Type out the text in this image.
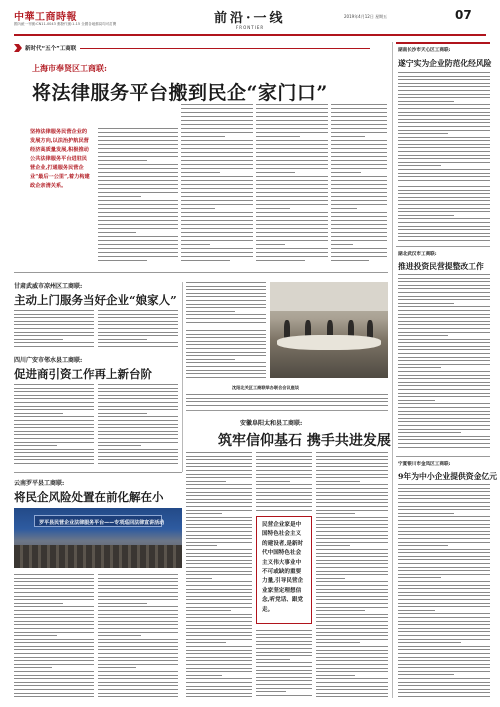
中華工商時報
國內統一刊號:CN11-0043 郵發代號:1-15 全國各地郵局均可訂閱	前沿·一线
FRONTIER
2019年4月12日 星期五	07
新时代“五个”工商联
上海市奉贤区工商联:
将法律服务平台搬到民企“家门口”
坚持法律服务民营企业的发展方向,以法治护航民营经济高质量发展,积极推动公共法律服务平台进驻民营企业,打通服务民营企业“最后一公里”,着力构建政企亲清关系。
甘肃武威市凉州区工商联:
主动上门服务当好企业“娘家人”
四川广安市邻水县工商联:
促进商引资工作再上新台阶
云南罗平县工商联:
将民企风险处置在前化解在小
罗平县民营企业法律服务平台——专项巡回法律宣讲活动
沈阳北关区工商联举办联合会议座谈
安徽阜阳太和县工商联:
筑牢信仰基石 携手共进发展
民营企业家是中国特色社会主义的建设者,是新时代中国特色社会主义伟大事业中不可或缺的重要力量,引导民营企业家坚定理想信念,听党话、跟党走。
湖南长沙市天心区工商联:
遂宁实为企业防范化经风险
湖北武汉市工商联:
推进投资民营提整改工作
宁夏银川市金凤区工商联:
9年为中小企业提供资金亿元
